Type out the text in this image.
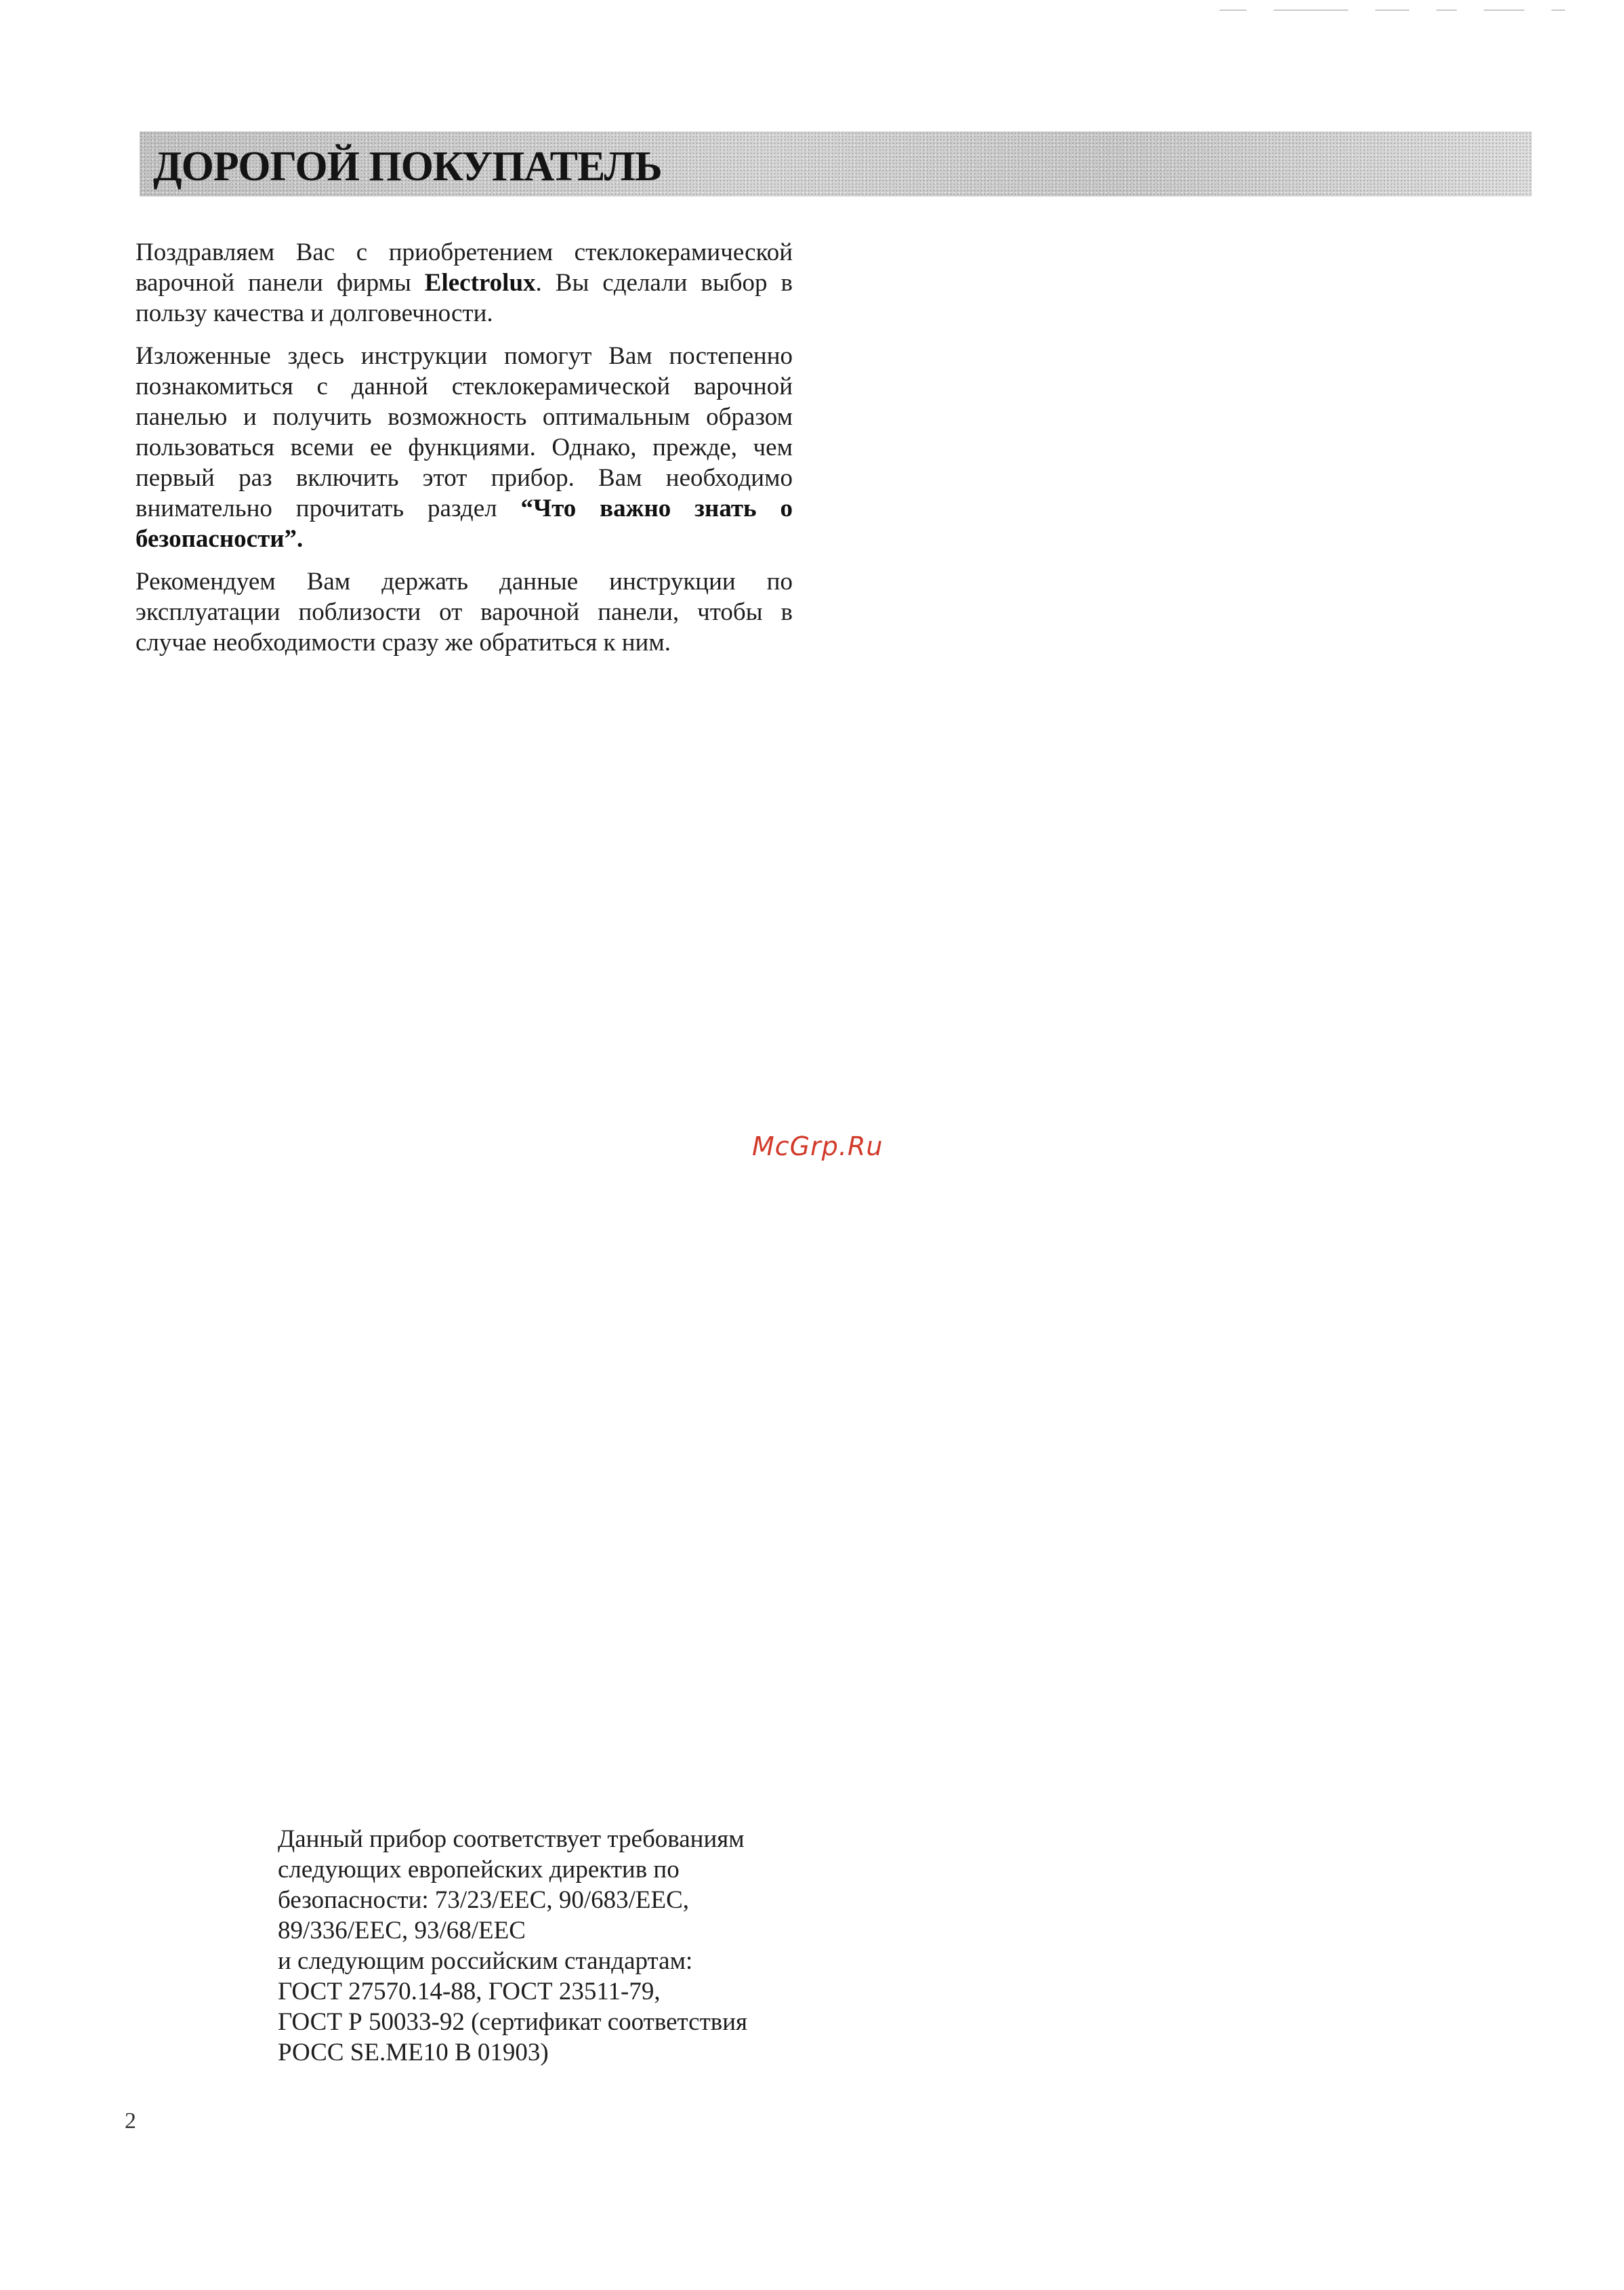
ДОРОГОЙ ПОКУПАТЕЛЬ

Поздравляем Вас с приобретением стеклокерамической варочной панели фирмы Electrolux. Вы сделали выбор в пользу качества и долговечности.

Изложенные здесь инструкции помогут Вам постепенно познакомиться с данной стеклокерамической варочной панелью и получить возможность оптимальным образом пользоваться всеми ее функциями. Однако, прежде, чем первый раз включить этот прибор. Вам необходимо внимательно прочитать раздел “Что важно знать о безопасности”.

Рекомендуем Вам держать данные инструкции по эксплуатации поблизости от варочной панели, чтобы в случае необходимости сразу же обратиться к ним.

McGrp.Ru
Данный прибор соответствует требованиям
следующих европейских директив по
безопасности: 73/23/ЕЕС, 90/683/ЕЕС,
89/336/ЕЕС, 93/68/ЕЕС
и следующим российским стандартам:
ГОСТ 27570.14-88, ГОСТ 23511-79,
ГОСТ Р 50033-92 (сертификат соответствия
РОСС SE.ME10 В 01903)
2
